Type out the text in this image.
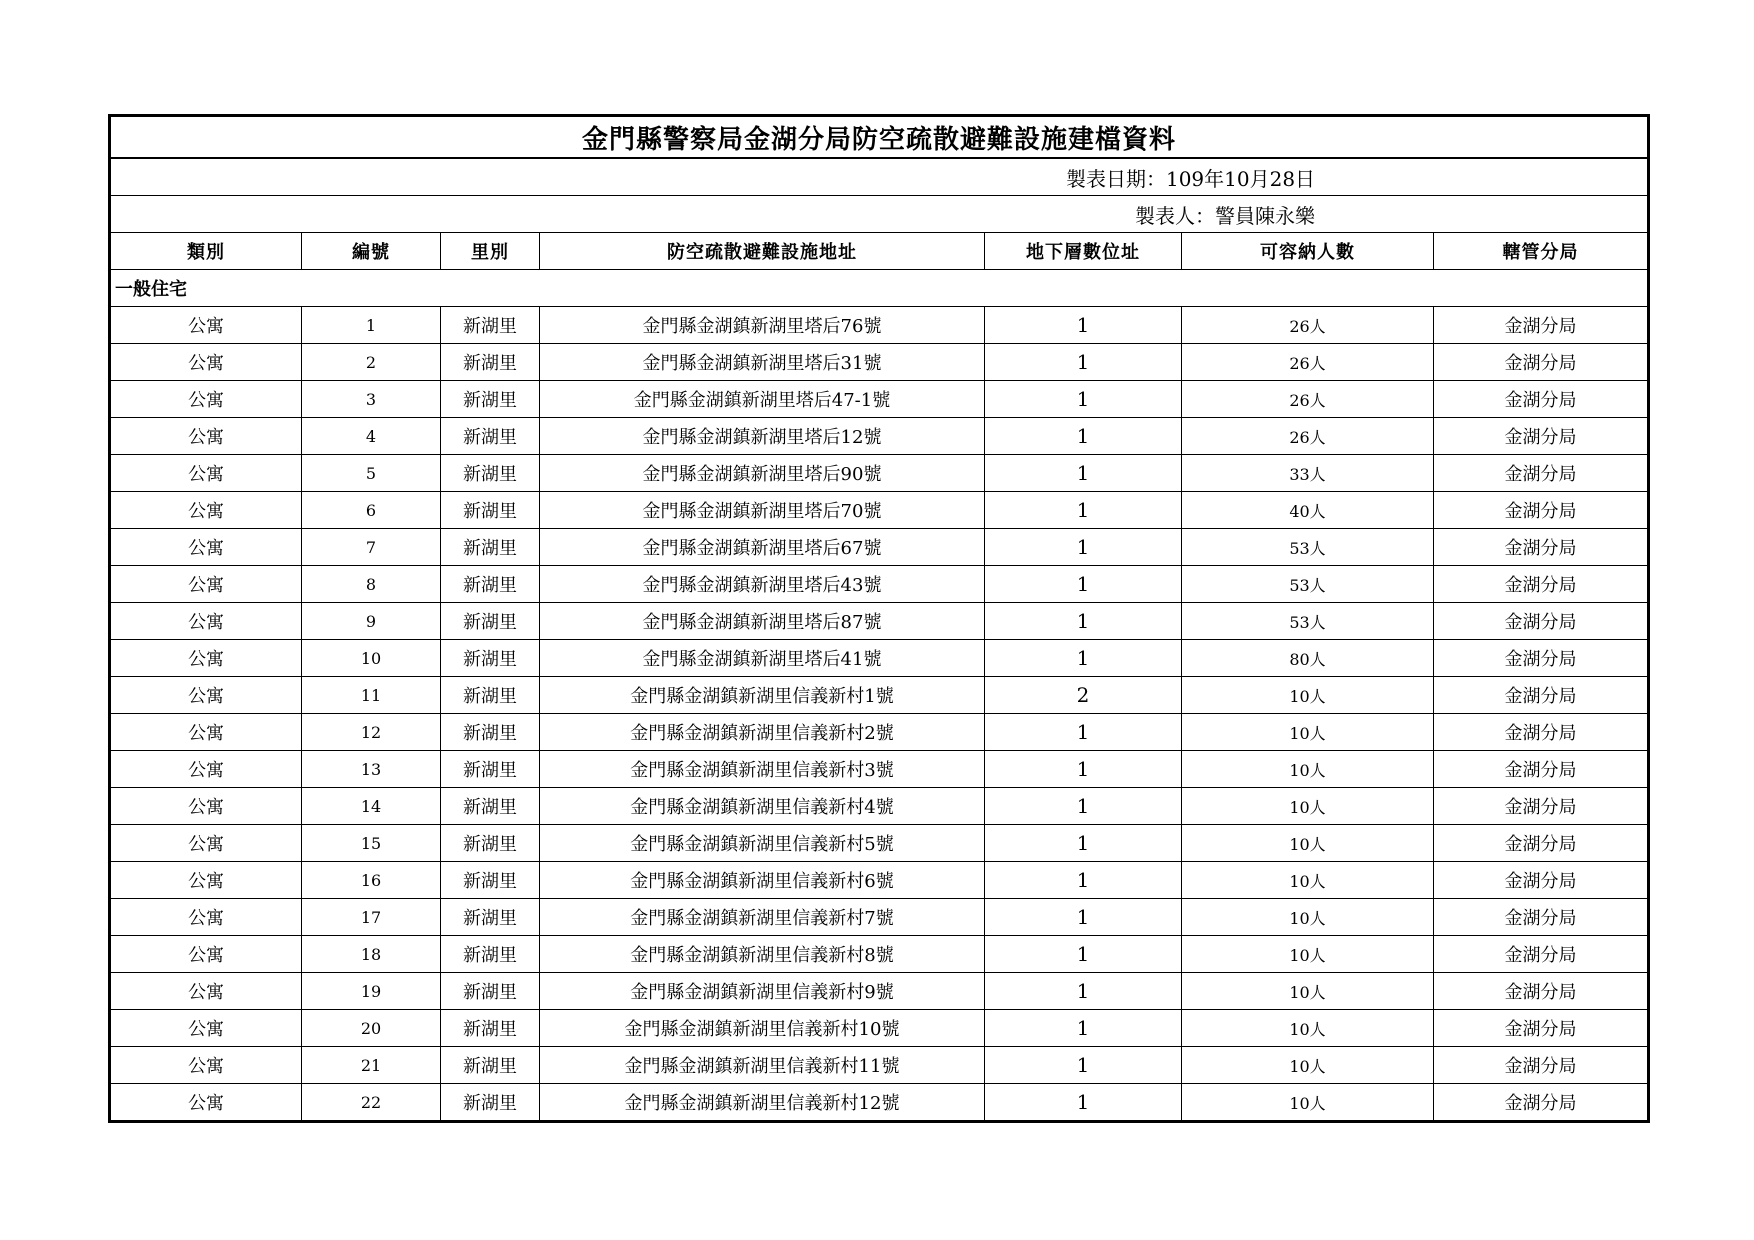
金門縣警察局金湖分局防空疏散避難設施建檔資料						
製表日期：109年10月28日						
製表人：警員陳永樂						
類別	編號	里別	防空疏散避難設施地址	地下層數位址	可容納人數	轄管分局
一般住宅						
公寓	1	新湖里	金門縣金湖鎮新湖里塔后76號	1	26人	金湖分局
公寓	2	新湖里	金門縣金湖鎮新湖里塔后31號	1	26人	金湖分局
公寓	3	新湖里	金門縣金湖鎮新湖里塔后47-1號	1	26人	金湖分局
公寓	4	新湖里	金門縣金湖鎮新湖里塔后12號	1	26人	金湖分局
公寓	5	新湖里	金門縣金湖鎮新湖里塔后90號	1	33人	金湖分局
公寓	6	新湖里	金門縣金湖鎮新湖里塔后70號	1	40人	金湖分局
公寓	7	新湖里	金門縣金湖鎮新湖里塔后67號	1	53人	金湖分局
公寓	8	新湖里	金門縣金湖鎮新湖里塔后43號	1	53人	金湖分局
公寓	9	新湖里	金門縣金湖鎮新湖里塔后87號	1	53人	金湖分局
公寓	10	新湖里	金門縣金湖鎮新湖里塔后41號	1	80人	金湖分局
公寓	11	新湖里	金門縣金湖鎮新湖里信義新村1號	2	10人	金湖分局
公寓	12	新湖里	金門縣金湖鎮新湖里信義新村2號	1	10人	金湖分局
公寓	13	新湖里	金門縣金湖鎮新湖里信義新村3號	1	10人	金湖分局
公寓	14	新湖里	金門縣金湖鎮新湖里信義新村4號	1	10人	金湖分局
公寓	15	新湖里	金門縣金湖鎮新湖里信義新村5號	1	10人	金湖分局
公寓	16	新湖里	金門縣金湖鎮新湖里信義新村6號	1	10人	金湖分局
公寓	17	新湖里	金門縣金湖鎮新湖里信義新村7號	1	10人	金湖分局
公寓	18	新湖里	金門縣金湖鎮新湖里信義新村8號	1	10人	金湖分局
公寓	19	新湖里	金門縣金湖鎮新湖里信義新村9號	1	10人	金湖分局
公寓	20	新湖里	金門縣金湖鎮新湖里信義新村10號	1	10人	金湖分局
公寓	21	新湖里	金門縣金湖鎮新湖里信義新村11號	1	10人	金湖分局
公寓	22	新湖里	金門縣金湖鎮新湖里信義新村12號	1	10人	金湖分局
